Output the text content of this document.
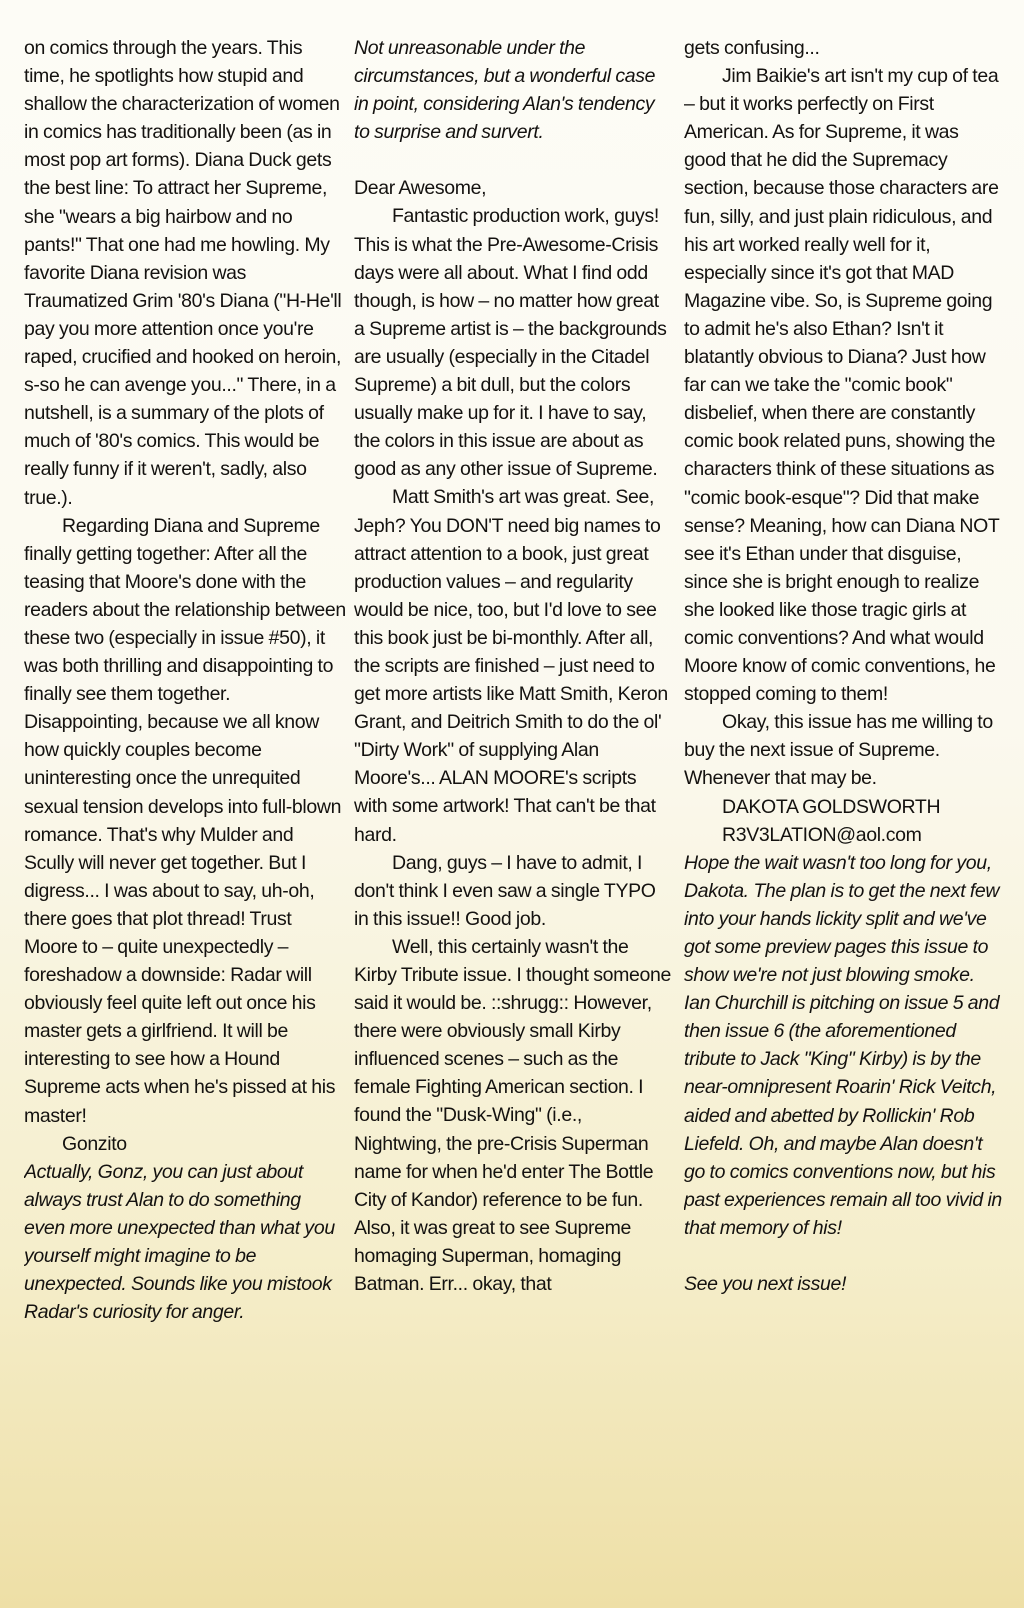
on comics through the years. This time, he spotlights how stupid and shallow the characterization of women in comics has traditionally been (as in most pop art forms). Diana Duck gets the best line: To attract her Supreme, she "wears a big hairbow and no pants!" That one had me howling. My favorite Diana revision was Traumatized Grim '80's Diana ("H-He'll pay you more attention once you're raped, crucified and hooked on heroin, s-so he can avenge you..." There, in a nutshell, is a summary of the plots of much of '80's comics. This would be really funny if it weren't, sadly, also true.).

Regarding Diana and Supreme finally getting together: After all the teasing that Moore's done with the readers about the relationship between these two (especially in issue #50), it was both thrilling and disappointing to finally see them together. Disappointing, because we all know how quickly couples become uninteresting once the unrequited sexual tension develops into full-blown romance. That's why Mulder and Scully will never get together. But I digress... I was about to say, uh-oh, there goes that plot thread! Trust Moore to – quite unexpectedly – foreshadow a downside: Radar will obviously feel quite left out once his master gets a girlfriend. It will be interesting to see how a Hound Supreme acts when he's pissed at his master!

Gonzito

Actually, Gonz, you can just about always trust Alan to do something even more unexpected than what you yourself might imagine to be unexpected. Sounds like you mistook Radar's curiosity for anger.

Not unreasonable under the circumstances, but a wonderful case in point, considering Alan's tendency to surprise and survert.

Dear Awesome,

Fantastic production work, guys! This is what the Pre-Awesome-Crisis days were all about. What I find odd though, is how – no matter how great a Supreme artist is – the backgrounds are usually (especially in the Citadel Supreme) a bit dull, but the colors usually make up for it. I have to say, the colors in this issue are about as good as any other issue of Supreme.

Matt Smith's art was great. See, Jeph? You DON'T need big names to attract attention to a book, just great production values – and regularity would be nice, too, but I'd love to see this book just be bi-monthly. After all, the scripts are finished – just need to get more artists like Matt Smith, Keron Grant, and Deitrich Smith to do the ol' "Dirty Work" of supplying Alan Moore's... ALAN MOORE's scripts with some artwork! That can't be that hard.

Dang, guys – I have to admit, I don't think I even saw a single TYPO in this issue!! Good job.

Well, this certainly wasn't the Kirby Tribute issue. I thought someone said it would be. ::shrugg:: However, there were obviously small Kirby influenced scenes – such as the female Fighting American section. I found the "Dusk-Wing" (i.e., Nightwing, the pre-Crisis Superman name for when he'd enter The Bottle City of Kandor) reference to be fun. Also, it was great to see Supreme homaging Superman, homaging Batman. Err... okay, that

gets confusing...

Jim Baikie's art isn't my cup of tea – but it works perfectly on First American. As for Supreme, it was good that he did the Supremacy section, because those characters are fun, silly, and just plain ridiculous, and his art worked really well for it, especially since it's got that MAD Magazine vibe. So, is Supreme going to admit he's also Ethan? Isn't it blatantly obvious to Diana? Just how far can we take the "comic book" disbelief, when there are constantly comic book related puns, showing the characters think of these situations as "comic book-esque"? Did that make sense? Meaning, how can Diana NOT see it's Ethan under that disguise, since she is bright enough to realize she looked like those tragic girls at comic conventions? And what would Moore know of comic conventions, he stopped coming to them!

Okay, this issue has me willing to buy the next issue of Supreme. Whenever that may be.

DAKOTA GOLDSWORTH

R3V3LATION@aol.com

Hope the wait wasn't too long for you, Dakota. The plan is to get the next few into your hands lickity split and we've got some preview pages this issue to show we're not just blowing smoke. Ian Churchill is pitching on issue 5 and then issue 6 (the aforementioned tribute to Jack "King" Kirby) is by the near-omnipresent Roarin' Rick Veitch, aided and abetted by Rollickin' Rob Liefeld. Oh, and maybe Alan doesn't go to comics conventions now, but his past experiences remain all too vivid in that memory of his!

See you next issue!
